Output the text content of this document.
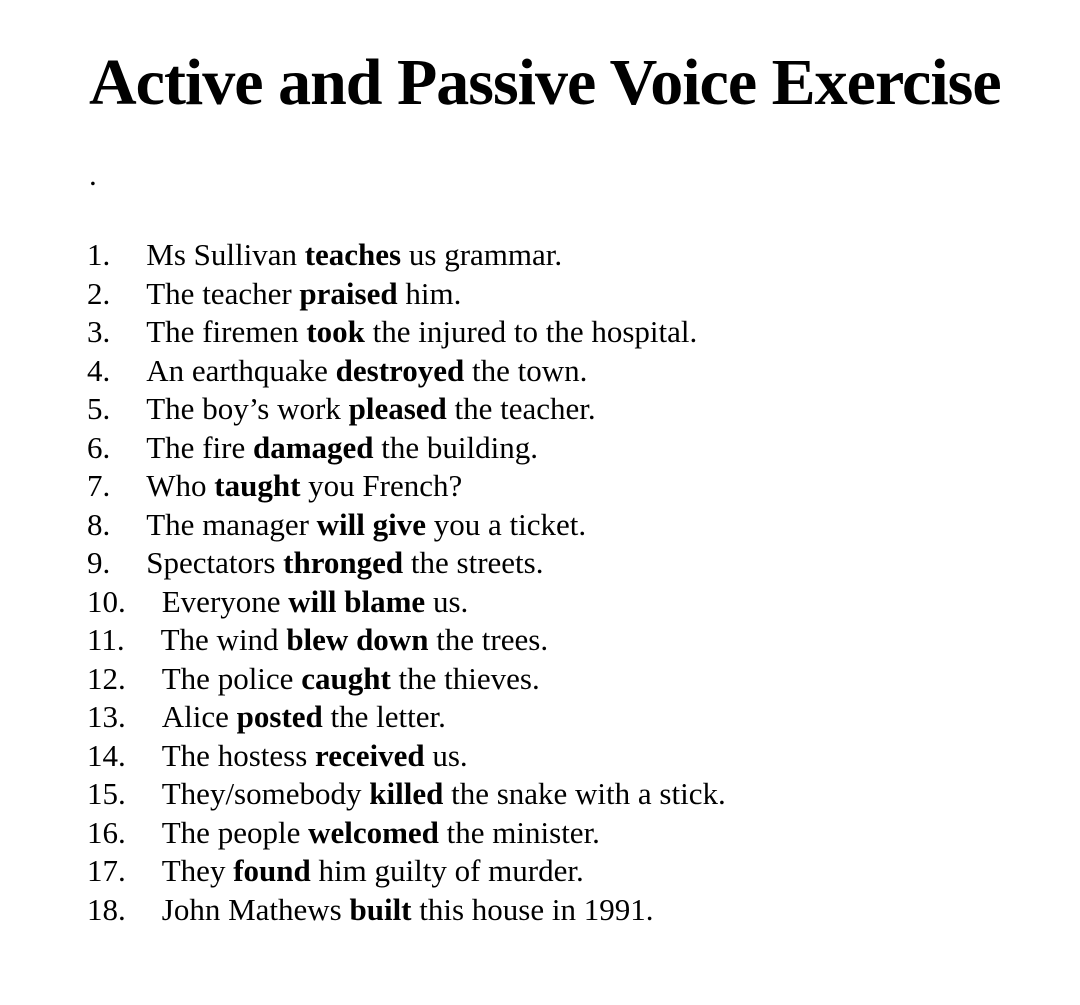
Active and Passive Voice Exercise
.
1. Ms Sullivan teaches us grammar.
2. The teacher praised him.
3. The firemen took the injured to the hospital.
4. An earthquake destroyed the town.
5. The boy’s work pleased the teacher.
6. The fire damaged the building.
7. Who taught you French?
8. The manager will give you a ticket.
9. Spectators thronged the streets.
10. Everyone will blame us.
11. The wind blew down the trees.
12. The police caught the thieves.
13. Alice posted the letter.
14. The hostess received us.
15. They/somebody killed the snake with a stick.
16. The people welcomed the minister.
17. They found him guilty of murder.
18. John Mathews built this house in 1991.
